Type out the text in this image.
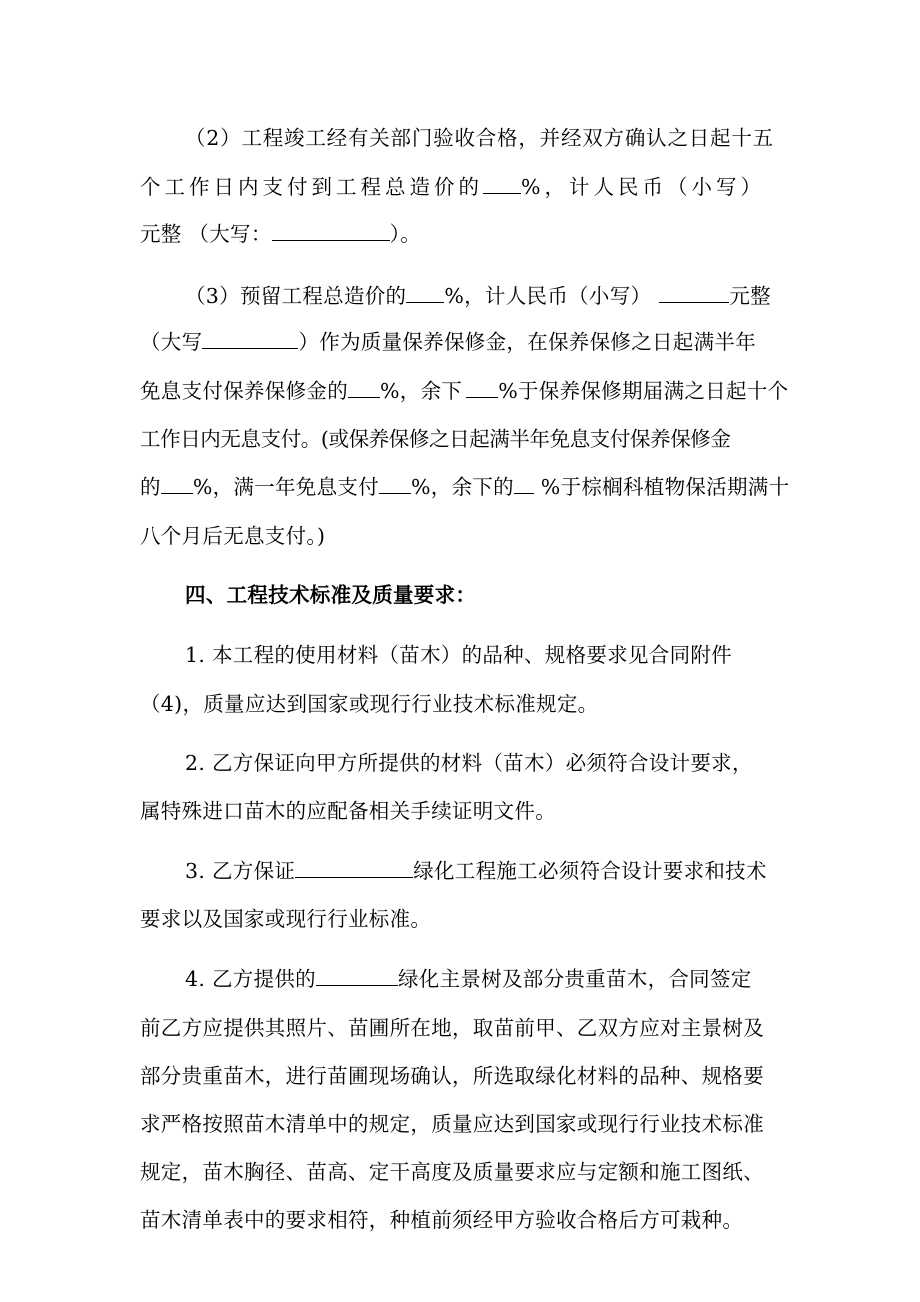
（2）工程竣工经有关部门验收合格，并经双方确认之日起十五
个工作日内支付到工程总造价的 %，计人民币（小写）
元整 （大写：	）。
（3）预留工程总造价的 %，计人民币（小写）	元整
（大写	）作为质量保养保修金，在保养保修之日起满半年
免息支付保养保修金的 %，余下 %于保养保修期届满之日起十个
工作日内无息支付。(或保养保修之日起满半年免息支付保养保修金
的 %，满一年免息支付 %，余下的 %于棕榈科植物保活期满十
八个月后无息支付。)
四、工程技术标准及质量要求：
1. 本工程的使用材料（苗木）的品种、规格要求见合同附件
（4)，质量应达到国家或现行行业技术标准规定。
2. 乙方保证向甲方所提供的材料（苗木）必须符合设计要求，
属特殊进口苗木的应配备相关手续证明文件。
3. 乙方保证	绿化工程施工必须符合设计要求和技术
要求以及国家或现行行业标准。
4. 乙方提供的	绿化主景树及部分贵重苗木，合同签定
前乙方应提供其照片、苗圃所在地，取苗前甲、乙双方应对主景树及
部分贵重苗木，进行苗圃现场确认，所选取绿化材料的品种、规格要
求严格按照苗木清单中的规定，质量应达到国家或现行行业技术标准
规定，苗木胸径、苗高、定干高度及质量要求应与定额和施工图纸、
苗木清单表中的要求相符，种植前须经甲方验收合格后方可栽种。
